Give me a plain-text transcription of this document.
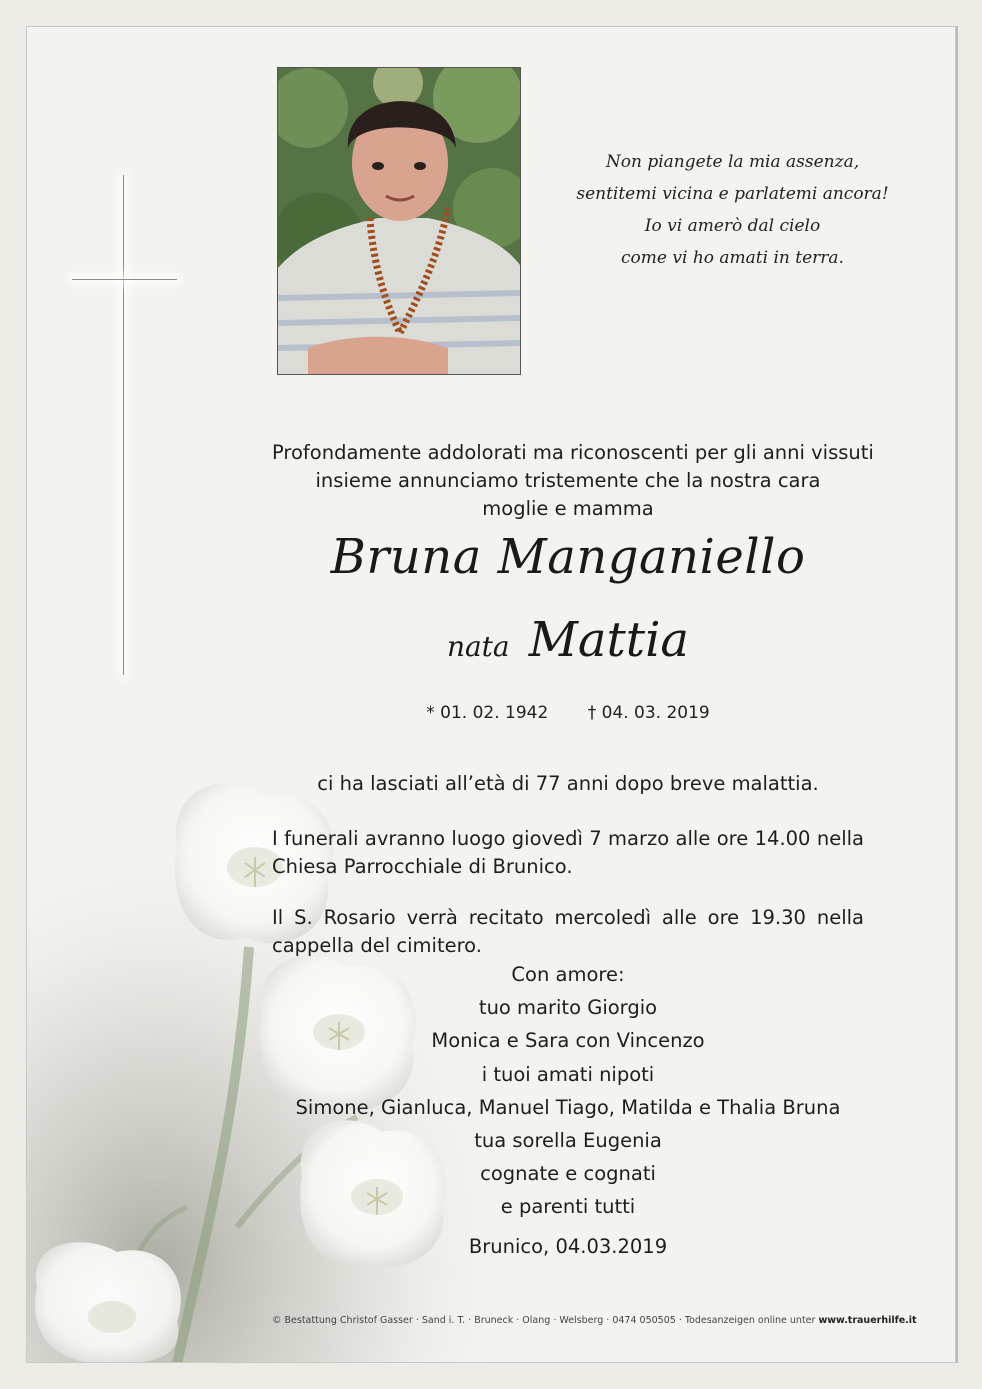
Non piangete la mia assenza,
sentitemi vicina e parlatemi ancora!
Io vi amerò dal cielo
come vi ho amati in terra.
Profondamente addolorati ma riconoscenti per gli anni vissuti
insieme annunciamo tristemente che la nostra cara
moglie e mamma
Bruna Manganiello
nata Mattia
* 01. 02. 1942 † 04. 03. 2019
ci ha lasciati all’età di 77 anni dopo breve malattia.
I funerali avranno luogo giovedì 7 marzo alle ore 14.00 nella Chiesa Parrocchiale di Brunico.
Il S. Rosario verrà recitato mercoledì alle ore 19.30 nella cappella del cimitero.
Con amore:
tuo marito Giorgio
Monica e Sara con Vincenzo
i tuoi amati nipoti
Simone, Gianluca, Manuel Tiago, Matilda e Thalia Bruna
tua sorella Eugenia
cognate e cognati
e parenti tutti
Brunico, 04.03.2019
© Bestattung Christof Gasser · Sand i. T. · Bruneck · Olang · Welsberg · 0474 050505 · Todesanzeigen online unter www.trauerhilfe.it
